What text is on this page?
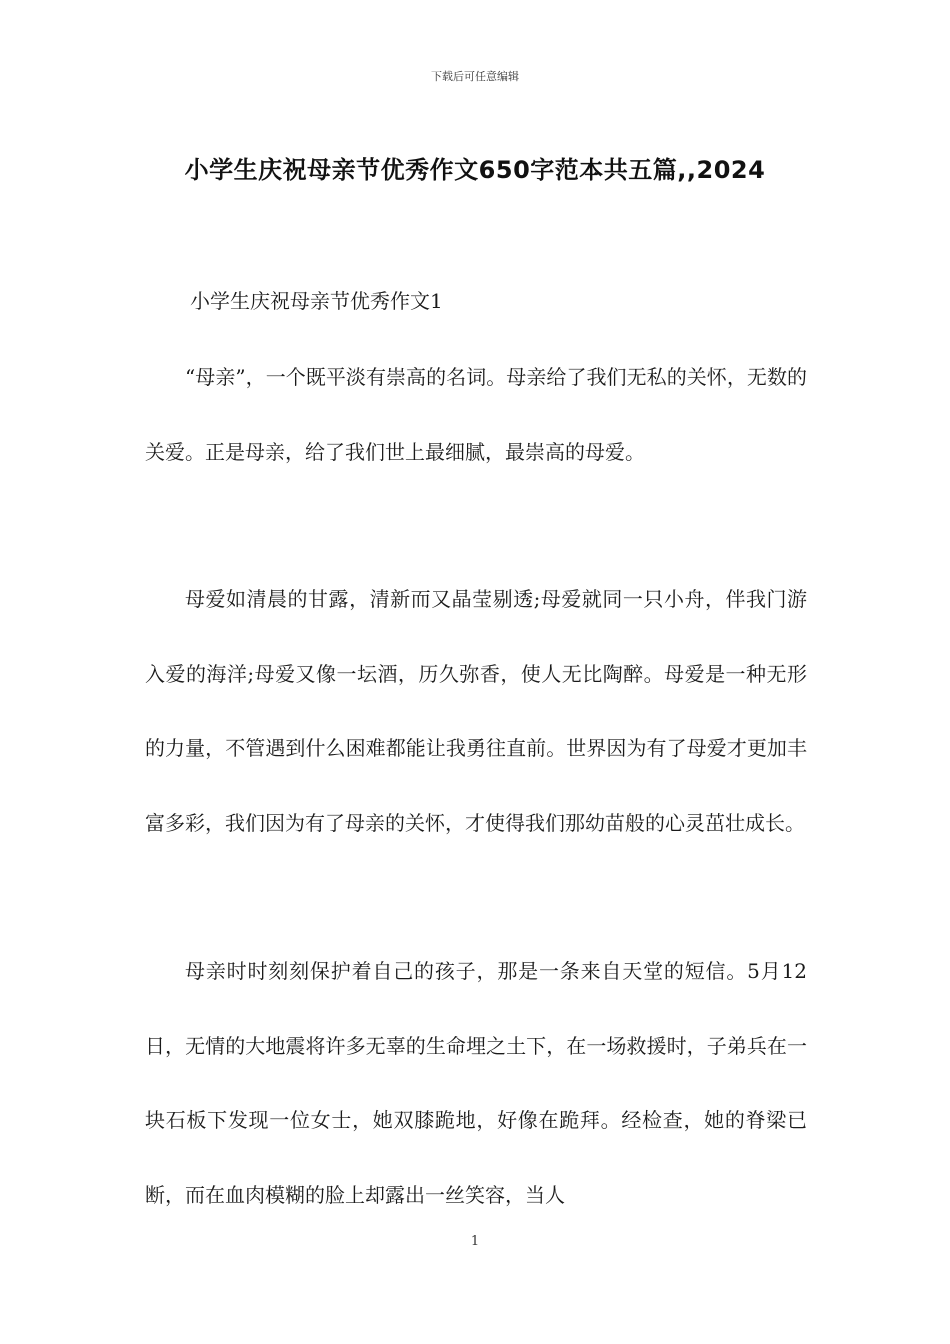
下载后可任意编辑
小学生庆祝母亲节优秀作文650字范本共五篇,,2024
小学生庆祝母亲节优秀作文1

“母亲”，一个既平淡有崇高的名词。母亲给了我们无私的关怀，无数的关爱。正是母亲，给了我们世上最细腻，最崇高的母爱。

母爱如清晨的甘露，清新而又晶莹剔透;母爱就同一只小舟，伴我门游入爱的海洋;母爱又像一坛酒，历久弥香，使人无比陶醉。母爱是一种无形的力量，不管遇到什么困难都能让我勇往直前。世界因为有了母爱才更加丰富多彩，我们因为有了母亲的关怀，才使得我们那幼苗般的心灵茁壮成长。

母亲时时刻刻保护着自己的孩子，那是一条来自天堂的短信。5月12日，无情的大地震将许多无辜的生命埋之土下，在一场救援时，子弟兵在一块石板下发现一位女士，她双膝跪地，好像在跪拜。经检查，她的脊梁已断，而在血肉模糊的脸上却露出一丝笑容，当人

1
